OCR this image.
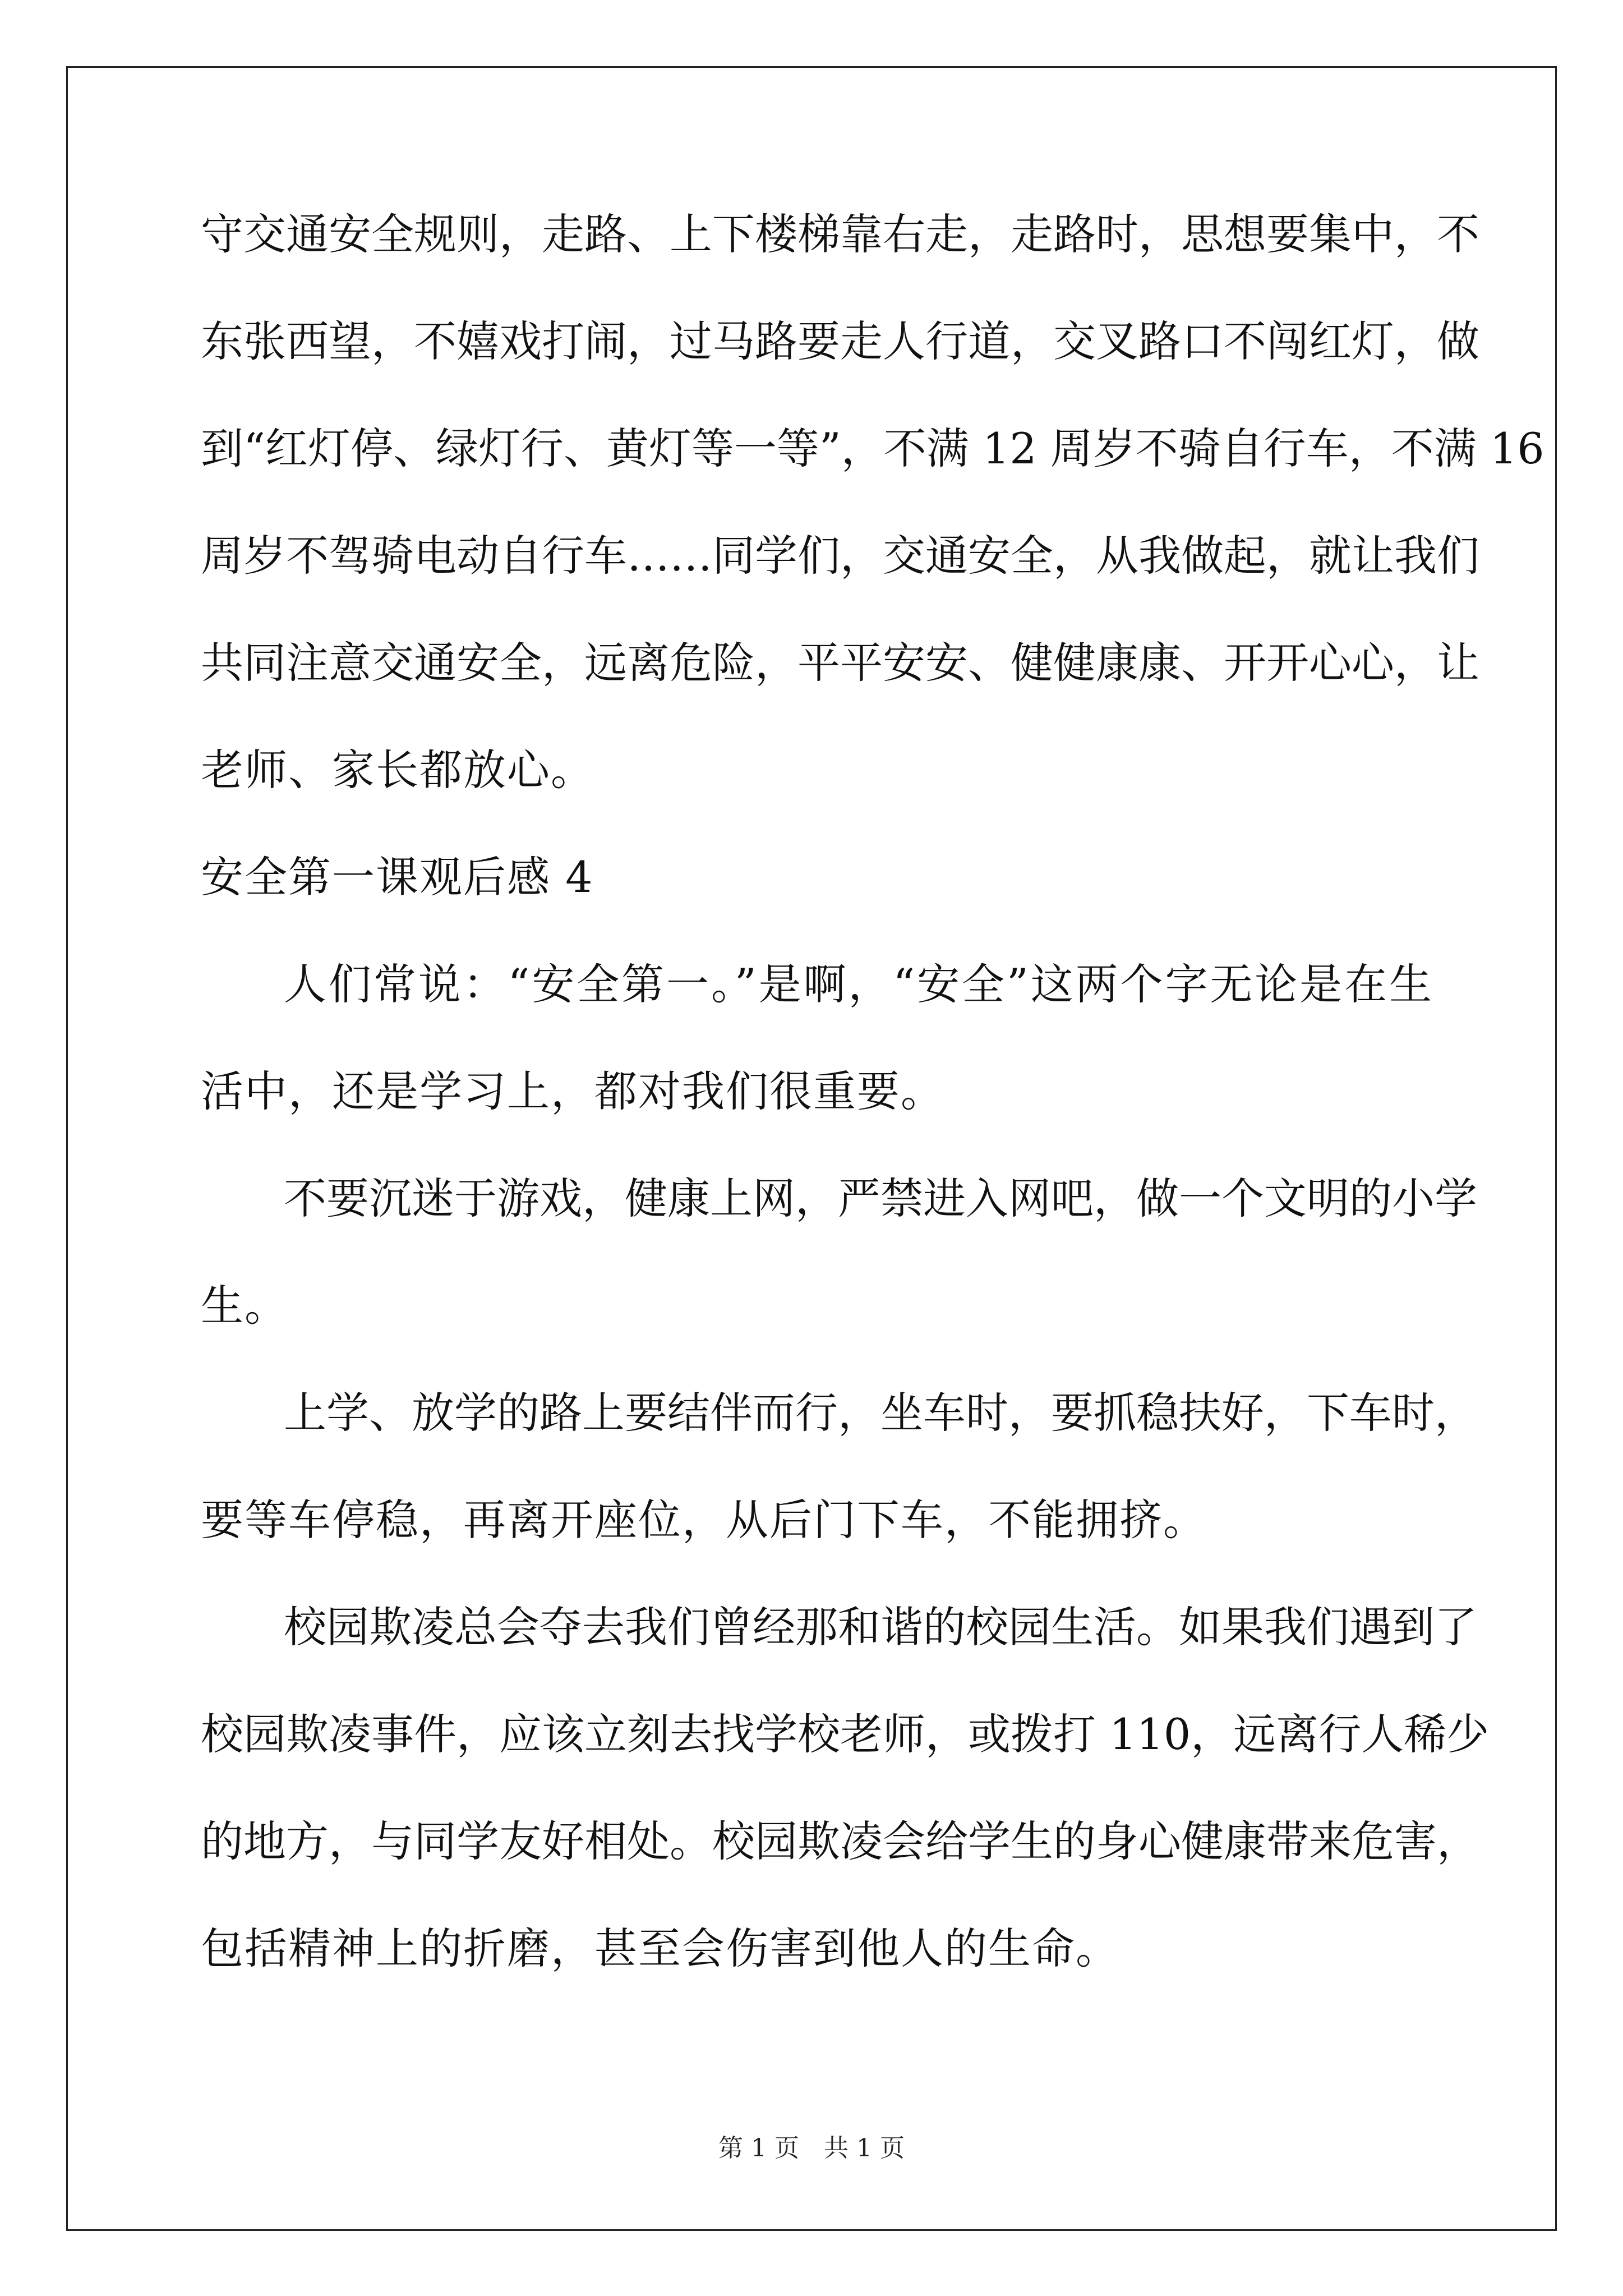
守交通安全规则，走路、上下楼梯靠右走，走路时，思想要集中，不
东张西望，不嬉戏打闹，过马路要走人行道，交叉路口不闯红灯，做
到“红灯停、绿灯行、黄灯等一等”，不满 12 周岁不骑自行车，不满 16
周岁不驾骑电动自行车……同学们，交通安全，从我做起，就让我们
共同注意交通安全，远离危险，平平安安、健健康康、开开心心，让
老师、家长都放心。
安全第一课观后感 4
人们常说：“安全第一。”是啊，“安全”这两个字无论是在生
活中，还是学习上，都对我们很重要。
不要沉迷于游戏，健康上网，严禁进入网吧，做一个文明的小学
生。
上学、放学的路上要结伴而行，坐车时，要抓稳扶好，下车时，
要等车停稳，再离开座位，从后门下车，不能拥挤。
校园欺凌总会夺去我们曾经那和谐的校园生活。如果我们遇到了
校园欺凌事件，应该立刻去找学校老师，或拨打 110，远离行人稀少
的地方，与同学友好相处。校园欺凌会给学生的身心健康带来危害，
包括精神上的折磨，甚至会伤害到他人的生命。
第 1 页 共 1 页
